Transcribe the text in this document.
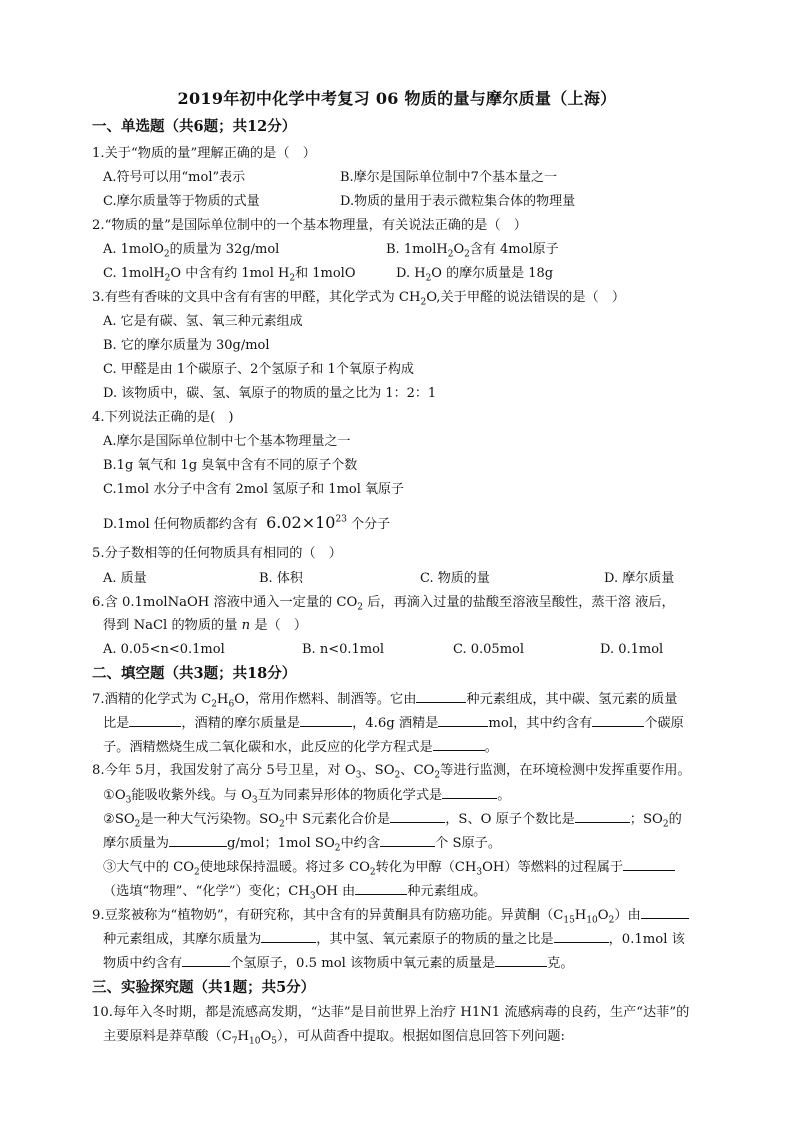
2019年初中化学中考复习 06 物质的量与摩尔质量（上海）
一、单选题（共6题；共12分）
1.关于“物质的量”理解正确的是（　）
A.符号可以用“mol”表示	B.摩尔是国际单位制中7个基本量之一
C.摩尔质量等于物质的式量	D.物质的量用于表示微粒集合体的物理量
2.“物质的量”是国际单位制中的一个基本物理量，有关说法正确的是（　）
A. 1molO$_2$的质量为 32g/mol	B. $1molH_2O_2$含有 4mol原子
C. 1molH$_2$O 中含有约 1mol $H_2$和 1molO	D. $H_2O$ 的摩尔质量是 18g
3.有些有香味的文具中含有有害的甲醛，其化学式为 $CH_2O$,关于甲醛的说法错误的是（　）
A. 它是有碳、氢、氧三种元素组成
B. 它的摩尔质量为 30g/mol
C. 甲醛是由 1个碳原子、2个氢原子和 1个氧原子构成
D. 该物质中，碳、氢、氧原子的物质的量之比为 1：2：1
4.下列说法正确的是(　)
A.摩尔是国际单位制中七个基本物理量之一
B.1g 氧气和 1g 臭氧中含有不同的原子个数
C.1mol 水分子中含有 2mol 氢原子和 1mol 氧原子
D.1mol 任何物质都约含有 $6.02\times 10^{23}$ 个分子
5.分子数相等的任何物质具有相同的（　）
A. 质量	B. 体积	C. 物质的量	D. 摩尔质量
6.含 0.1molNaOH 溶液中通入一定量的 $CO_2$ 后，再滴入过量的盐酸至溶液呈酸性，蒸干溶 液后，
得到 NaCl 的物质的量 n 是（　）
A. 0.05<n<0.1mol	B. n<0.1mol	C. 0.05mol	D. 0.1mol
二、填空题（共3题；共18分）
7.酒精的化学式为 $C_2H_6O$，常用作燃料、制酒等。它由	种元素组成，其中碳、氢元素的质量
比是	，酒精的摩尔质量是	，4.6g 酒精是	mol，其中约含有	个碳原
子。酒精燃烧生成二氧化碳和水，此反应的化学方程式是	。
8.今年 5月，我国发射了高分 5号卫星，对 $O_3$、$SO_2$、$CO_2$等进行监测，在环境检测中发挥重要作用。
$①O_3$能吸收紫外线。与 $O_3$互为同素异形体的物质化学式是	。
$②SO_2$是一种大气污染物。$SO_2$中 S元素化合价是	，S、O 原子个数比是	；$SO_2$的
摩尔质量为	g/mol；1mol $SO_2$中约含	个 S原子。
③大气中的 $CO_2$使地球保持温暖。将过多 $CO_2$转化为甲醇$(CH_3OH)$等燃料的过程属于
（选填“物理”、“化学”）变化；$CH_3OH$ 由	种元素组成。
9.豆浆被称为“植物奶”，有研究称，其中含有的异黄酮具有防癌功能。异黄酮$(C_{15}H_{10}O_2)$由
种元素组成，其摩尔质量为	，其中氢、氧元素原子的物质的量之比是	，0.1mol 该
物质中约含有	个氢原子，0.5 mol 该物质中氧元素的质量是	克。
三、实验探究题（共1题；共5分）
10.每年入冬时期，都是流感高发期，“达菲”是目前世界上治疗 H1N1 流感病毒的良药，生产“达菲”的
主要原料是莽草酸$(C_7H_{10}O_5)$，可从茴香中提取。根据如图信息回答下列问题:
